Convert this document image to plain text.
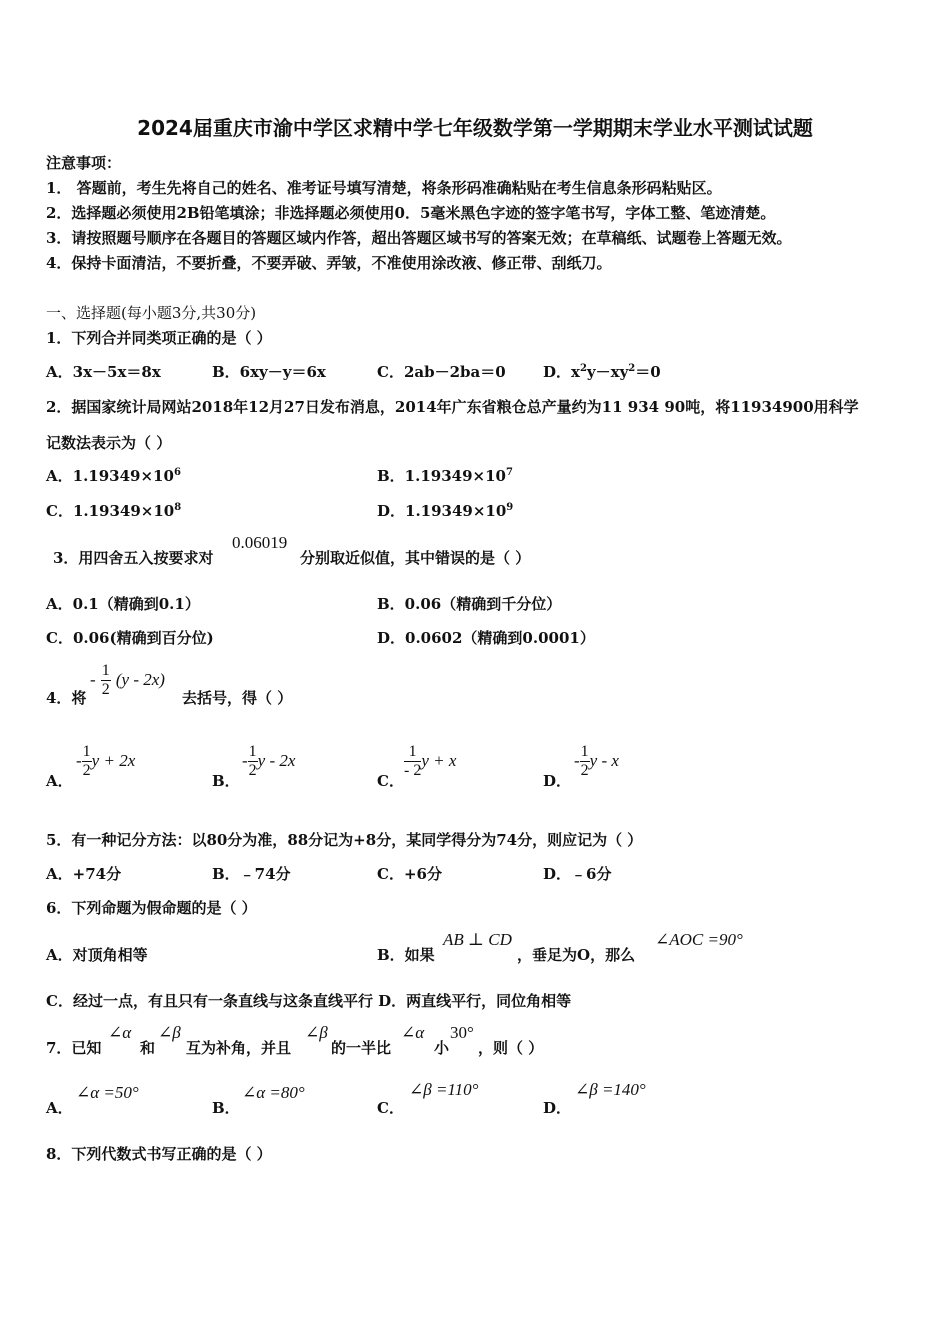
2024届重庆市渝中学区求精中学七年级数学第一学期期末学业水平测试试题
注意事项：
1． 答题前，考生先将自己的姓名、准考证号填写清楚，将条形码准确粘贴在考生信息条形码粘贴区。
2．选择题必须使用2B铅笔填涂；非选择题必须使用0．5毫米黑色字迹的签字笔书写，字体工整、笔迹清楚。
3．请按照题号顺序在各题目的答题区域内作答，超出答题区域书写的答案无效；在草稿纸、试题卷上答题无效。
4．保持卡面清洁，不要折叠，不要弄破、弄皱，不准使用涂改液、修正带、刮纸刀。
一、选择题(每小题3分,共30分)
1．下列合并同类项正确的是（ ）
A．3x－5x＝8x	B．6xy－y＝6x	C．2ab－2ba＝0 D．$x^2y-xy^2=0$
2．据国家统计局网站2018年12月27日发布消息，2014年广东省粮仓总产量约为11 934 90吨，将11934900用科学
记数法表示为（ ）
A．$1.19349\times 10^6$	B．$1.19349\times 10^7$
C．$1.19349\times 10^8$	D．$1.19349\times 10^9$
3．用四舍五入按要求对
0.06019
分别取近似值，其中错误的是（ ）
A．0.1（精确到0.1）	B．0.06（精确到千分位）
C．0.06(精确到百分位)	D．0.0602（精确到0.0001）
4．将
- $\frac{1}{2} (y - 2x)$
去括号，得（ ）
A．
- $\frac{1}{2}$ y + 2x
B．
- $\frac{1}{2}$ y - 2x
C．
$\frac{1}{- 2}$ y + x
D．
- $\frac{1}{2}$ y - x
5．有一种记分方法：以80分为准，88分记为+8分，某同学得分为74分，则应记为（ ）
A．+74分	B．﹣74分	C．+6分	D．﹣6分
6．下列命题为假命题的是（ ）
A．对顶角相等	B．如果
AB ⊥ CD
，垂足为O，那么
∠AOC =90°
C．经过一点，有且只有一条直线与这条直线平行 D．两直线平行，同位角相等
7．已知
∠α
和
∠β
互为补角，并且
∠β
的一半比
∠α
小
30°
，则（ ）
A．
∠α =50°
B．
∠α =80°
C．
∠β =110°
D．
∠β =140°
8．下列代数式书写正确的是（ ）
